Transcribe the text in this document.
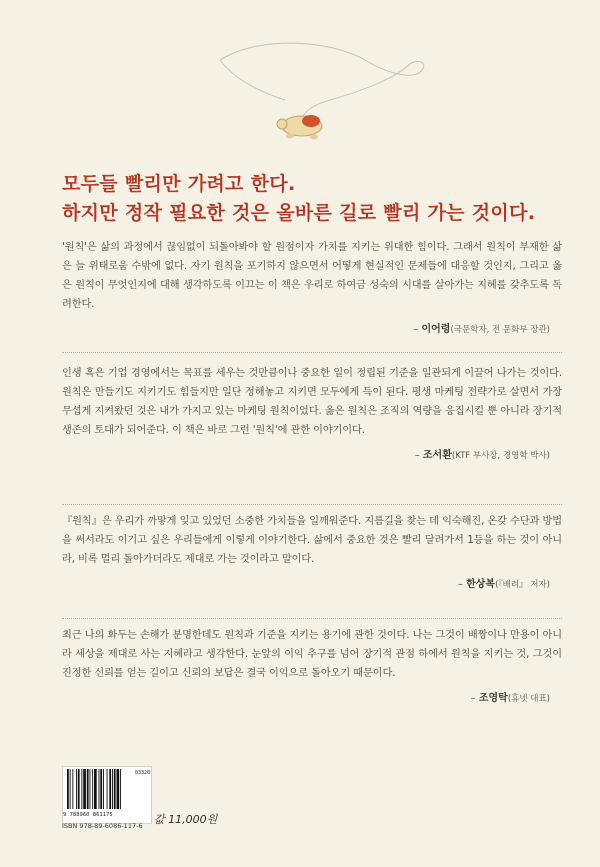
모두들 빨리만 가려고 한다.
하지만 정작 필요한 것은 올바른 길로 빨리 가는 것이다.

'원칙'은 삶의 과정에서 끊임없이 되돌아봐야 할 원점이자 가치를 지키는 위대한 힘이다. 그래서 원칙이 부재한 삶은 늘 위태로움 수밖에 없다. 자기 원칙을 포기하지 않으면서 어떻게 현실적인 문제들에 대응할 것인지, 그리고 옳은 원칙이 무엇인지에 대해 생각하도록 이끄는 이 책은 우리로 하여금 성숙의 시대를 살아가는 지혜를 갖추도록 독려한다.

– 이어령(국문학자, 전 문화부 장관)

인생 혹은 기업 경영에서는 목표를 세우는 것만큼이나 중요한 일이 정립된 기준을 일관되게 이끌어 나가는 것이다. 원칙은 만들기도 지키기도 힘들지만 일단 정해놓고 지키면 모두에게 득이 된다. 평생 마케팅 전략가로 살면서 가장 무섭게 지켜왔던 것은 내가 가지고 있는 마케팅 원칙이었다. 옳은 원칙은 조직의 역량을 응집시킬 뿐 아니라 장기적 생존의 토대가 되어준다. 이 책은 바로 그런 '원칙'에 관한 이야기이다.

– 조서환(KTF 부사장, 경영학 박사)

『원칙』은 우리가 까맣게 잊고 있었던 소중한 가치들을 일깨워준다. 지름길을 찾는 데 익숙해진, 온갖 수단과 방법을 써서라도 이기고 싶은 우리들에게 이렇게 이야기한다. 삶에서 중요한 것은 빨리 달려가서 1등을 하는 것이 아니라, 비록 멀리 돌아가더라도 제대로 가는 것이라고 말이다.

– 한상복(『배려』 저자)

최근 나의 화두는 손해가 분명한데도 원칙과 기준을 지키는 용기에 관한 것이다. 나는 그것이 배짱이나 만용이 아니라 세상을 제대로 사는 지혜라고 생각한다. 눈앞의 이익 추구를 넘어 장기적 관점 하에서 원칙을 지키는 것, 그것이 진정한 신뢰를 얻는 길이고 신뢰의 보답은 결국 이익으로 돌아오기 때문이다.

– 조영탁(휴넷 대표)
03320
9 788960 861175
ISBN 978-89-6086-117-6 값 11,000원
